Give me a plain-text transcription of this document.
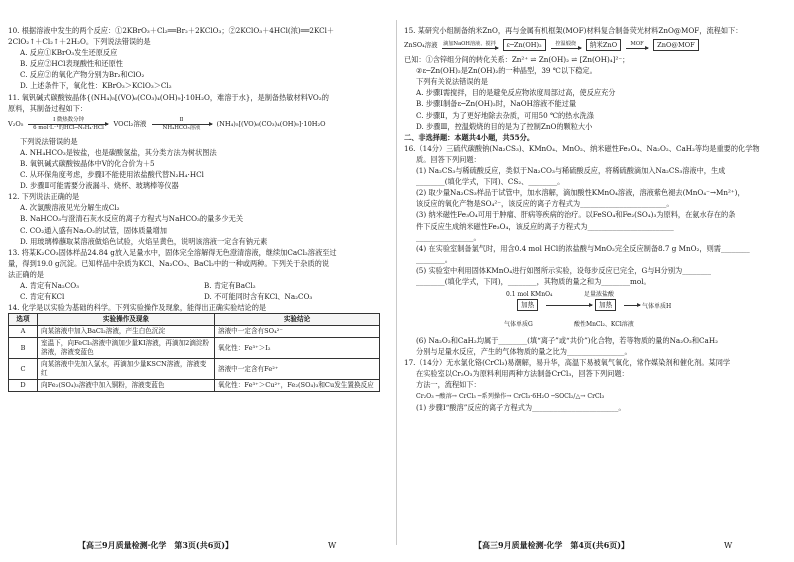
10. 根据溶液中发生的两个反应：①2KBrO₃＋Cl₂══Br₂＋2KClO₃；②2KClO₃＋4HCl(浓)══2KCl＋

2ClO₂↑＋Cl₂↑＋2H₂O。下列说法错误的是

A. 反应①KBrO₃发生还原反应

B. 反应②HCl表现酸性和还原性

C. 反应②的氧化产物分别为Br₂和ClO₂

D. 上述条件下，氧化性：KBrO₃＞KClO₃＞Cl₂

11. 氧钒碱式碳酸铵晶体{(NH₄)₅[(VO)₆(CO₃)₄(OH)₉]·10H₂O，难溶于水}，是制备热敏材料VO₂的

原料，其制备过程如下：

V₂O₅	Ⅰ 微热数分钟
6 mol·L⁻¹的HCl─N₂H₄·HCl
VOCl₂溶液	Ⅱ
NH₄HCO₃溶液
(NH₄)₅[(VO)₆(CO₃)₄(OH)₉]·10H₂O

下列说法错误的是

A. NH₄HCO₃是铵盐，也是碳酸氢盐，其分类方法为树状图法

B. 氧钒碱式碳酸铵晶体中V的化合价为＋5

C. 从环保角度考虑，步骤Ⅰ不能使用浓盐酸代替N₂H₄·HCl

D. 步骤Ⅱ可能需要分液漏斗、烧杯、玻璃棒等仪器

12. 下列说法正确的是

A. 次氯酸溶液见光分解生成Cl₂

B. NaHCO₃与澄清石灰水反应的离子方程式与NaHCO₃的量多少无关

C. CO₂通入盛有Na₂O₂的试管，固体质量增加

D. 用玻璃棒蘸取某溶液做焰色试验，火焰呈黄色，说明该溶液一定含有钠元素

13. 将某K₂CO₃固体样品24.84 g放入足量水中，固体完全溶解得无色澄清溶液，继续加CaCl₂溶液至过

量，得到19.0 g沉淀。已知样品中杂质为KCl、Na₂CO₃、BaCl₂中的一种或两种。下列关于杂质的说

法正确的是

A. 肯定有Na₂CO₃	B. 肯定有BaCl₂
C. 肯定有KCl	D. 不可能同时含有KCl、Na₂CO₃

14. 化学是以实验为基础的科学。下列实验操作及现象，能得出正确实验结论的是

选项	实验操作及现象	实验结论
A	向某溶液中加入BaCl₂溶液，产生白色沉淀	溶液中一定含有SO₄²⁻
B	室温下，向FeCl₃溶液中滴加少量KI溶液，再滴加2滴淀粉溶液，溶液变蓝色	氧化性：Fe³⁺＞I₂
C	向某溶液中先加入氯水，再滴加少量KSCN溶液，溶液变红	溶液中一定含有Fe²⁺
D	向Fe₂(SO₄)₃溶液中加入铜粉，溶液变蓝色	氧化性：Fe³⁺＞Cu²⁺，Fe₂(SO₄)₃和Cu发生置换反应
【高三9月质量检测·化学　第3页(共6页)】	W

15. 某研究小组制备纳米ZnO，再与金属有机框架(MOF)材料复合制备荧光材料ZnO@MOF，流程如下：

ZnSO₄溶液 滴加NaOH溶液、搅拌	ε─Zn(OH)₂	控温煅烧	纳米ZnO	MOF	ZnO@MOF

已知：①含锌组分间的转化关系：Zn²⁺ ⇌ Zn(OH)₂ ⇌ [Zn(OH)₄]²⁻；

②ε─Zn(OH)₂是Zn(OH)₂的一种晶型，39 ℃以下稳定。

下列有关说法错误的是

A. 步骤Ⅰ需搅拌，目的是避免反应物浓度局部过高，使反应充分

B. 步骤Ⅰ制备ε─Zn(OH)₂时，NaOH溶液不能过量

C. 步骤Ⅱ，为了更好地除去杂质，可用50 ℃的热水洗涤

D. 步骤Ⅲ，控温煅烧的目的是为了控制ZnO的颗粒大小

二、非选择题：本题共4小题，共55分。

16.（14分）三硫代碳酸钠(Na₂CS₃)、KMnO₄、MnO₂、纳米磁性Fe₃O₄、Na₂O₂、CaH₂等均是重要的化学物

质。回答下列问题：

(1) Na₂CS₃与稀硫酸反应，类似于Na₂CO₃与稀硫酸反应，将稀硫酸滴加入Na₂CS₃溶液中，生成

________(填化学式，下同)、CS₂、________。

(2) 取少量Na₂CS₃样品于试管中，加水溶解，滴加酸性KMnO₄溶液，溶液紫色褪去(MnO₄⁻→Mn²⁺)，

该反应的氧化产物是SO₄²⁻，该反应的离子方程式为________________________。

(3) 纳米磁性Fe₃O₄可用于肿瘤、肝病等疾病的治疗。以FeSO₄和Fe₂(SO₄)₃为原料，在氨水存在的条

件下反应生成纳米磁性Fe₃O₄，该反应的离子方程式为________________________

________________。

(4) 在实验室制备氯气时，用含0.4 mol HCl的浓盐酸与MnO₂完全反应制备8.7 g MnO₂，则需________

________。

(5) 实验室中利用固体KMnO₄进行如图所示实验，设每步反应已完全，G与H分别为________

________(填化学式，下同)，________，其物质的量之和为________mol。

0.1 mol KMnO₄	足量浓盐酸
加热	加热	气体单质H
气体单质G	酸性MnCl₂、KCl溶液

(6) Na₂O₂和CaH₂均属于________(填“离子”或“共价”)化合物，若等物质的量的Na₂O₂和CaH₂

分别与足量水反应，产生的气体物质的量之比为________________。

17.（14分）无水氯化铬(CrCl₃)易潮解，易升华，高温下易被氧气氧化，常作媒染剂和催化剂。某同学

在实验室以Cr₂O₃为原料利用两种方法制备CrCl₃，回答下列问题：

方法一，流程如下：

Cr₂O₃ ─酸溶→ CrCl₃ ─系列操作→ CrCl₃·6H₂O ─SOCl₂/△→ CrCl₃

(1) 步骤Ⅰ“酸溶”反应的离子方程式为________________________。

【高三9月质量检测·化学　第4页(共6页)】	W
